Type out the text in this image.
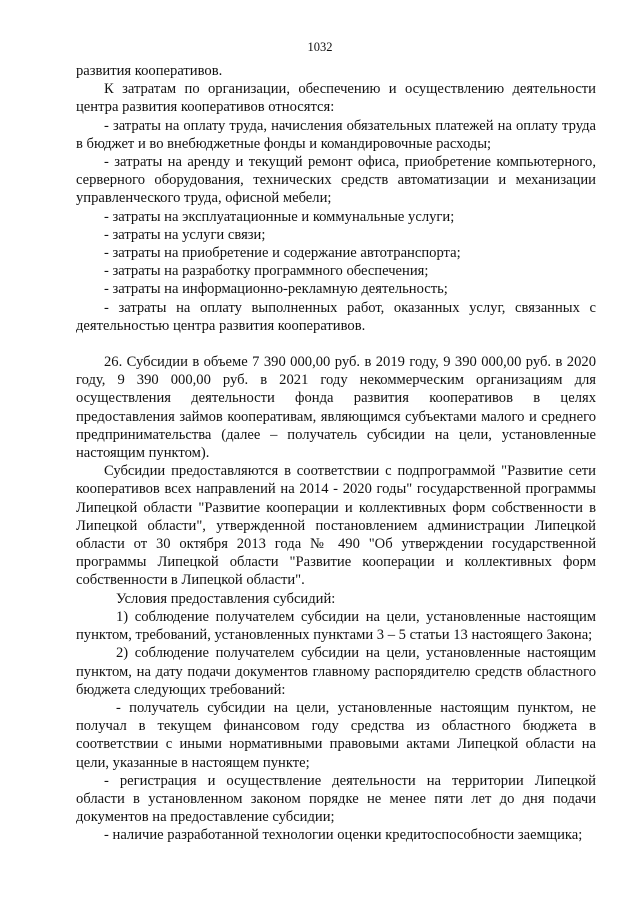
1032

развития кооперативов.

К затратам по организации, обеспечению и осуществлению деятельности центра развития кооперативов относятся:

- затраты на оплату труда, начисления обязательных платежей на оплату труда в бюджет и во внебюджетные фонды и командировочные расходы;

- затраты на аренду и текущий ремонт офиса, приобретение компьютерного, серверного оборудования, технических средств автоматизации и механизации управленческого труда, офисной мебели;

- затраты на эксплуатационные и коммунальные услуги;

- затраты на услуги связи;

- затраты на приобретение и содержание автотранспорта;

- затраты на разработку программного обеспечения;

- затраты на информационно-рекламную деятельность;

- затраты на оплату выполненных работ, оказанных услуг, связанных с деятельностью центра развития кооперативов.

26. Субсидии в объеме 7 390 000,00 руб. в 2019 году, 9 390 000,00 руб. в 2020 году, 9 390 000,00 руб. в 2021 году некоммерческим организациям для осуществления деятельности фонда развития кооперативов в целях предоставления займов кооперативам, являющимся субъектами малого и среднего предпринимательства (далее – получатель субсидии на цели, установленные настоящим пунктом).

Субсидии предоставляются в соответствии с подпрограммой "Развитие сети кооперативов всех направлений на 2014 - 2020 годы" государственной программы Липецкой области "Развитие кооперации и коллективных форм собственности в Липецкой области", утвержденной постановлением администрации Липецкой области от 30 октября 2013 года № 490 "Об утверждении государственной программы Липецкой области "Развитие кооперации и коллективных форм собственности в Липецкой области".

Условия предоставления субсидий:

1) соблюдение получателем субсидии на цели, установленные настоящим пунктом, требований, установленных пунктами 3 – 5 статьи 13 настоящего Закона;

2) соблюдение получателем субсидии на цели, установленные настоящим пунктом, на дату подачи документов главному распорядителю средств областного бюджета следующих требований:

- получатель субсидии на цели, установленные настоящим пунктом, не получал в текущем финансовом году средства из областного бюджета в соответствии с иными нормативными правовыми актами Липецкой области на цели, указанные в настоящем пункте;

- регистрация и осуществление деятельности на территории Липецкой области в установленном законом порядке не менее пяти лет до дня подачи документов на предоставление субсидии;

- наличие разработанной технологии оценки кредитоспособности заемщика;
